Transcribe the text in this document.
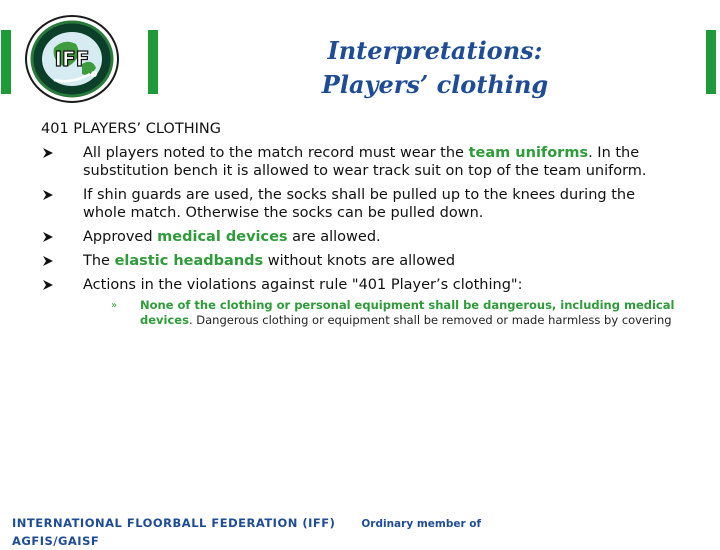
IFF	Interpretations:
Players’ clothing
401 PLAYERS’ CLOTHING
All players noted to the match record must wear the team uniforms. In the substitution bench it is allowed to wear track suit on top of the team uniform.
If shin guards are used, the socks shall be pulled up to the knees during the whole match. Otherwise the socks can be pulled down.
Approved medical devices are allowed.
The elastic headbands without knots are allowed
Actions in the violations against rule "401 Player’s clothing":
» None of the clothing or personal equipment shall be dangerous, including medical devices. Dangerous clothing or equipment shall be removed or made harmless by covering
INTERNATIONAL FLOORBALL FEDERATION (IFF) Ordinary member of
AGFIS/GAISF
